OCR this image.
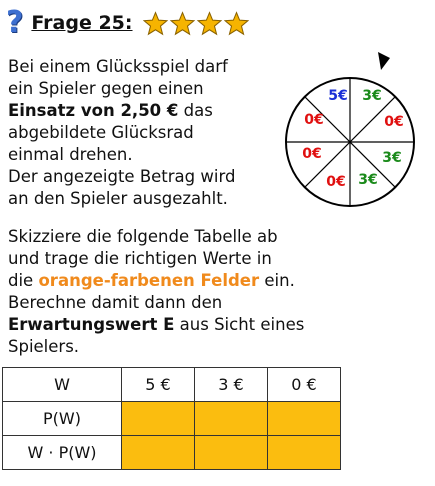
? Frage 25:
Bei einem Glücksspiel darf
ein Spieler gegen einen
Einsatz von 2,50 € das
abgebildete Glücksrad
einmal drehen.
Der angezeigte Betrag wird
an den Spieler ausgezahlt.
5€ 3€
0€
3€
3€
0€
0€
0€
Skizziere die folgende Tabelle ab
und trage die richtigen Werte in
die orange-farbenen Felder ein.
Berechne damit dann den
Erwartungswert E aus Sicht eines
Spielers.
W	5 €	3 €	0 €
P(W)			
W · P(W)			
